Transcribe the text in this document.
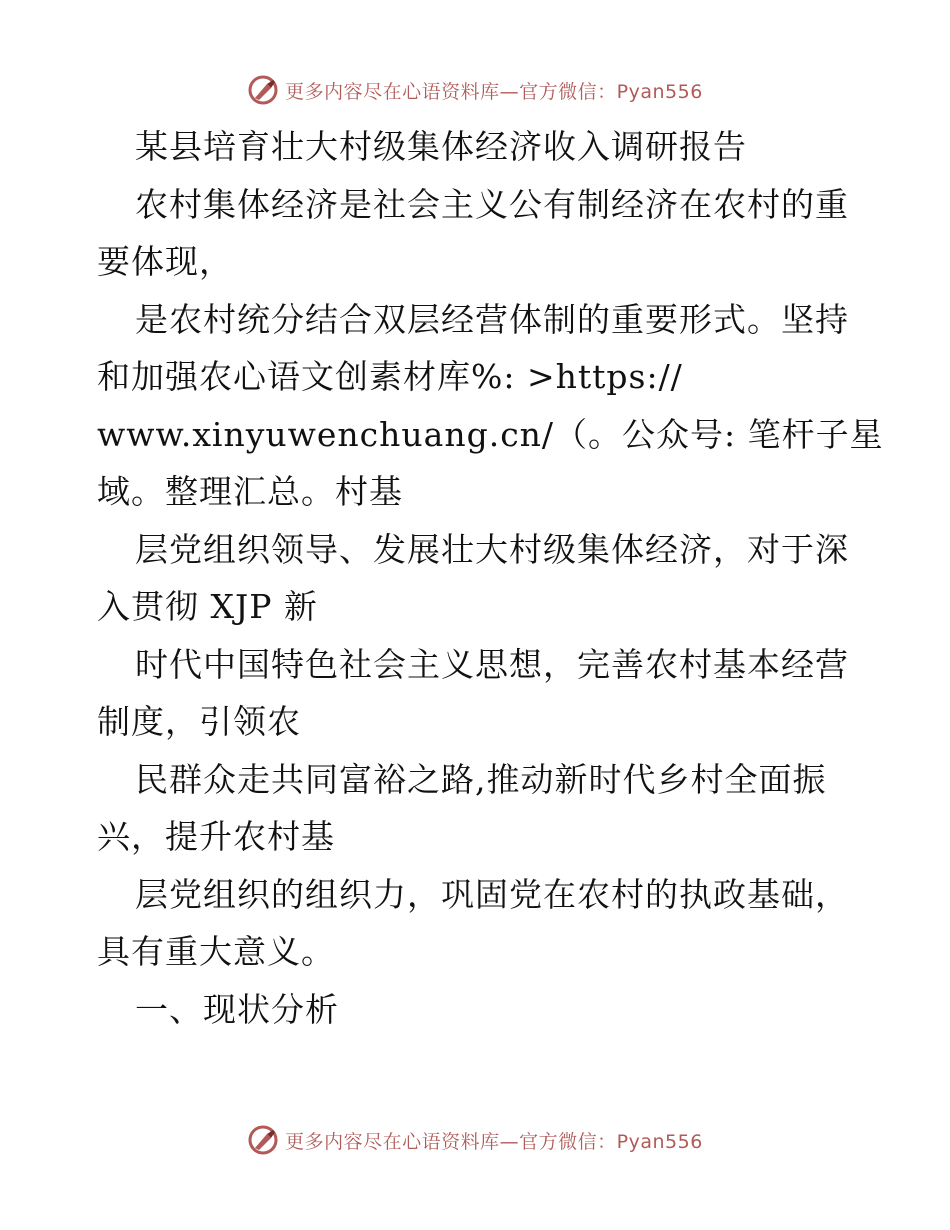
更多内容尽在心语资料库—官方微信：Pyan556
某县培育壮大村级集体经济收入调研报告
农村集体经济是社会主义公有制经济在农村的重
要体现，
是农村统分结合双层经营体制的重要形式。坚持
和加强农心语文创素材库%: >https://
www.xinyuwenchuang.cn/（。公众号: 笔杆子星
域。整理汇总。村基
层党组织领导、发展壮大村级集体经济，对于深
入贯彻 XJP 新
时代中国特色社会主义思想，完善农村基本经营
制度，引领农
民群众走共同富裕之路,推动新时代乡村全面振
兴，提升农村基
层党组织的组织力，巩固党在农村的执政基础，
具有重大意义。
一、现状分析
更多内容尽在心语资料库—官方微信：Pyan556
